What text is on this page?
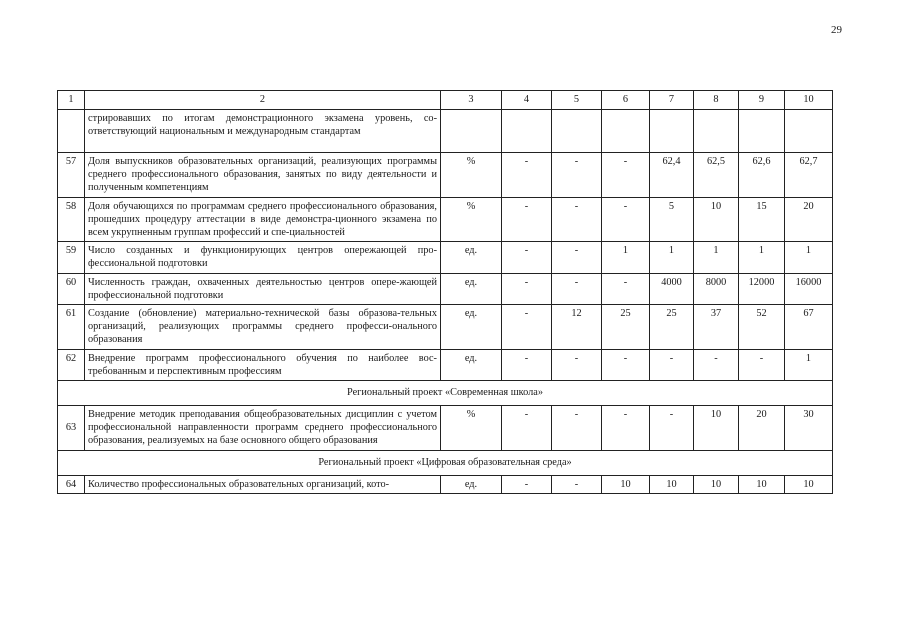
29
1	2	3	4	5	6	7	8	9	10
	стрировавших по итогам демонстрационного экзамена уровень, со-ответствующий национальным и международным стандартам								
57	Доля выпускников образовательных организаций, реализующих программы среднего профессионального образования, занятых по виду деятельности и полученным компетенциям	%	-	-	-	62,4	62,5	62,6	62,7
58	Доля обучающихся по программам среднего профессионального образования, прошедших процедуру аттестации в виде демонстра-ционного экзамена по всем укрупненным группам профессий и спе-циальностей	%	-	-	-	5	10	15	20
59	Число созданных и функционирующих центров опережающей про-фессиональной подготовки	ед.	-	-	1	1	1	1	1
60	Численность граждан, охваченных деятельностью центров опере-жающей профессиональной подготовки	ед.	-	-	-	4000	8000	12000	16000
61	Создание (обновление) материально-технической базы образова-тельных организаций, реализующих программы среднего професси-онального образования	ед.	-	12	25	25	37	52	67
62	Внедрение программ профессионального обучения по наиболее вос-требованным и перспективным профессиям	ед.	-	-	-	-	-	-	1
Региональный проект «Современная школа»									
63	Внедрение методик преподавания общеобразовательных дисциплин с учетом профессиональной направленности программ среднего профессионального образования, реализуемых на базе основного общего образования	%	-	-	-	-	10	20	30
Региональный проект «Цифровая образовательная среда»									
64	Количество профессиональных образовательных организаций, кото-	ед.	-	-	10	10	10	10	10
